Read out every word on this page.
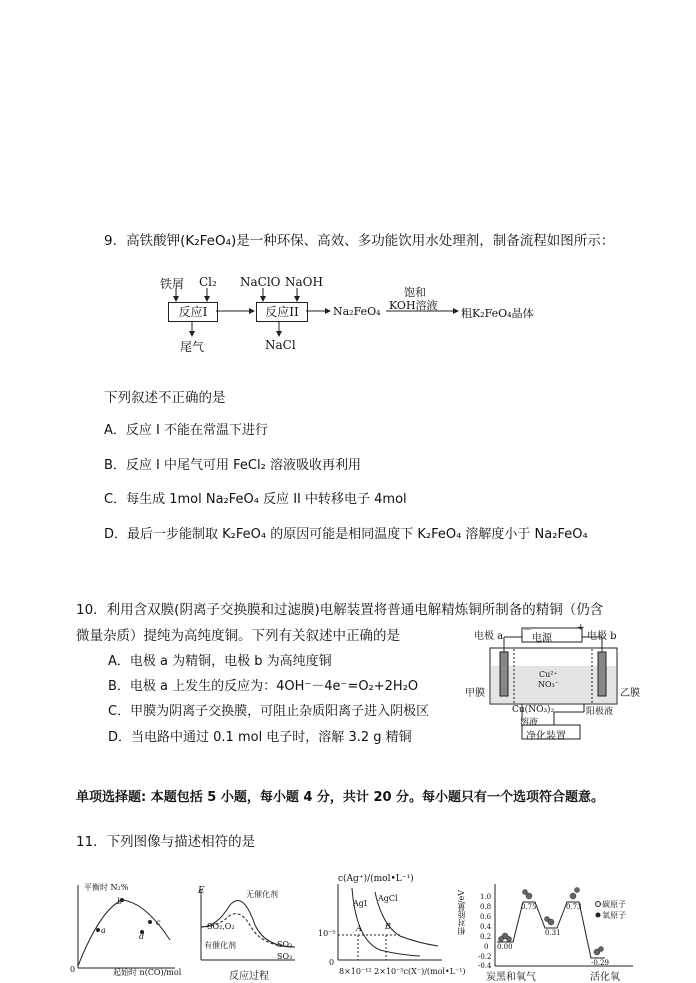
9．高铁酸钾(K₂FeO₄)是一种环保、高效、多功能饮用水处理剂，制备流程如图所示：
铁屑 Cl₂
反应I
尾气
NaClO NaOH
反应II
NaCl
Na₂FeO₄
饱和
KOH溶液
粗K₂FeO₄晶体
下列叙述不正确的是
A．反应 I 不能在常温下进行
B．反应 I 中尾气可用 FeCl₂ 溶液吸收再利用
C．每生成 1mol Na₂FeO₄ 反应 II 中转移电子 4mol
D．最后一步能制取 K₂FeO₄ 的原因可能是相同温度下 K₂FeO₄ 溶解度小于 Na₂FeO₄
10．利用含双膜(阴离子交换膜和过滤膜)电解装置将普通电解精炼铜所制备的精铜（仍含
微量杂质）提纯为高纯度铜。下列有关叙述中正确的是
A．电极 a 为精铜，电极 b 为高纯度铜
B．电极 a 上发生的反应为：4OH⁻－4e⁻=O₂+2H₂O
C．甲膜为阴离子交换膜，可阻止杂质阳离子进入阴极区
D．当电路中通过 0.1 mol 电子时，溶解 3.2 g 精铜
电极 a	电极 b
－
电源
+
Cu²⁺
NO₃⁻
甲膜	乙膜
Cu(NO₃)₂
溶液
阳极液
净化装置
单项选择题: 本题包括 5 小题，每小题 4 分，共计 20 分。每小题只有一个选项符合题意。
11．下列图像与描述相符的是
平衡时 N₂%
起始时 n(CO)/mol
0
a
b
c
d
E	无催化剂
SO₂,O₂
有催化剂	SO₃
SO₃
反应过程
c(Ag⁺)/(mol•L⁻¹)
AgI
AgCl
10⁻⁵
A	B
0
8×10⁻¹² 2×10⁻⁵c(X⁻)/(mol•L⁻¹)
相对能量/eV 1.0
0.8
0.6
0.4
0.2
0
-0.2
-0.4
0.00
0.75
0.31
0.73
-0.29
碳原子
氧原子
炭黑和氧气	活化氧
